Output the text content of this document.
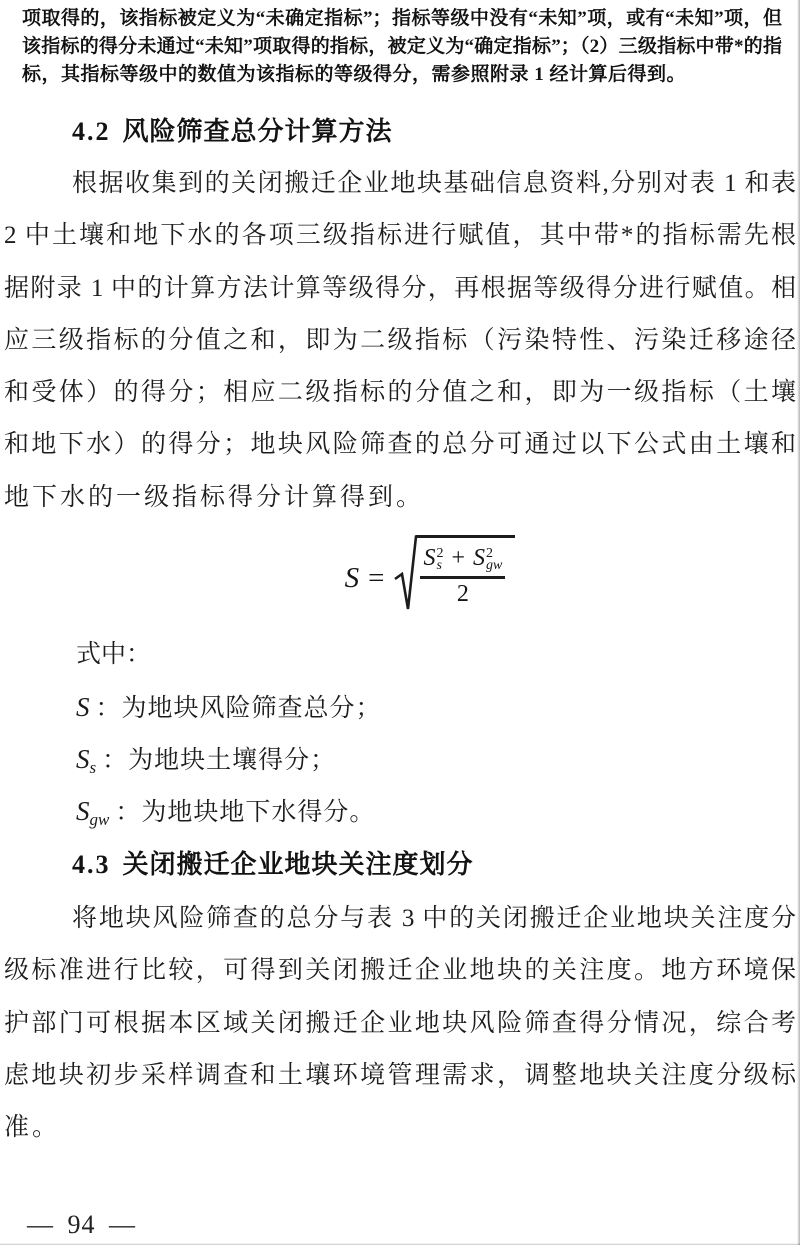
项取得的，该指标被定义为“未确定指标”；指标等级中没有“未知”项，或有“未知”项，但
该指标的得分未通过“未知”项取得的指标，被定义为“确定指标”；（2）三级指标中带*的指
标，其指标等级中的数值为该指标的等级得分，需参照附录 1 经计算后得到。
4.2 风险筛查总分计算方法
根据收集到的关闭搬迁企业地块基础信息资料,分别对表 1 和表
2 中土壤和地下水的各项三级指标进行赋值，其中带*的指标需先根
据附录 1 中的计算方法计算等级得分，再根据等级得分进行赋值。相
应三级指标的分值之和，即为二级指标（污染特性、污染迁移途径
和受体）的得分；相应二级指标的分值之和，即为一级指标（土壤
和地下水）的得分；地块风险筛查的总分可通过以下公式由土壤和
地下水的一级指标得分计算得到。
S = S 2
s + S 2
gw
2
式中：
S ：为地块风险筛查总分；
Ss ：为地块土壤得分；
Sgw ：为地块地下水得分。
4.3 关闭搬迁企业地块关注度划分
将地块风险筛查的总分与表 3 中的关闭搬迁企业地块关注度分
级标准进行比较，可得到关闭搬迁企业地块的关注度。地方环境保
护部门可根据本区域关闭搬迁企业地块风险筛查得分情况，综合考
虑地块初步采样调查和土壤环境管理需求，调整地块关注度分级标
准。
— 94 —
